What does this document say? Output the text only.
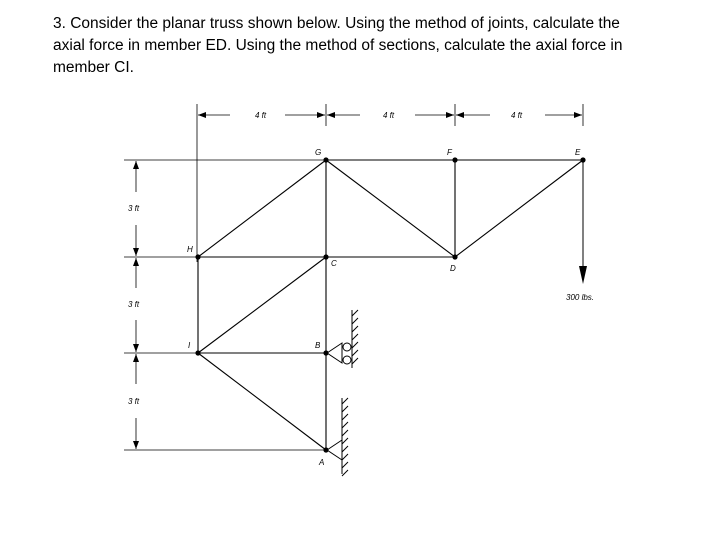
3. Consider the planar truss shown below. Using the method of joints, calculate the
axial force in member ED. Using the method of sections, calculate the axial force in
member CI.
4 ft	4 ft	4 ft
3 ft
3 ft
3 ft
300 lbs.
G	F	E
H
C
D
I	B
A
